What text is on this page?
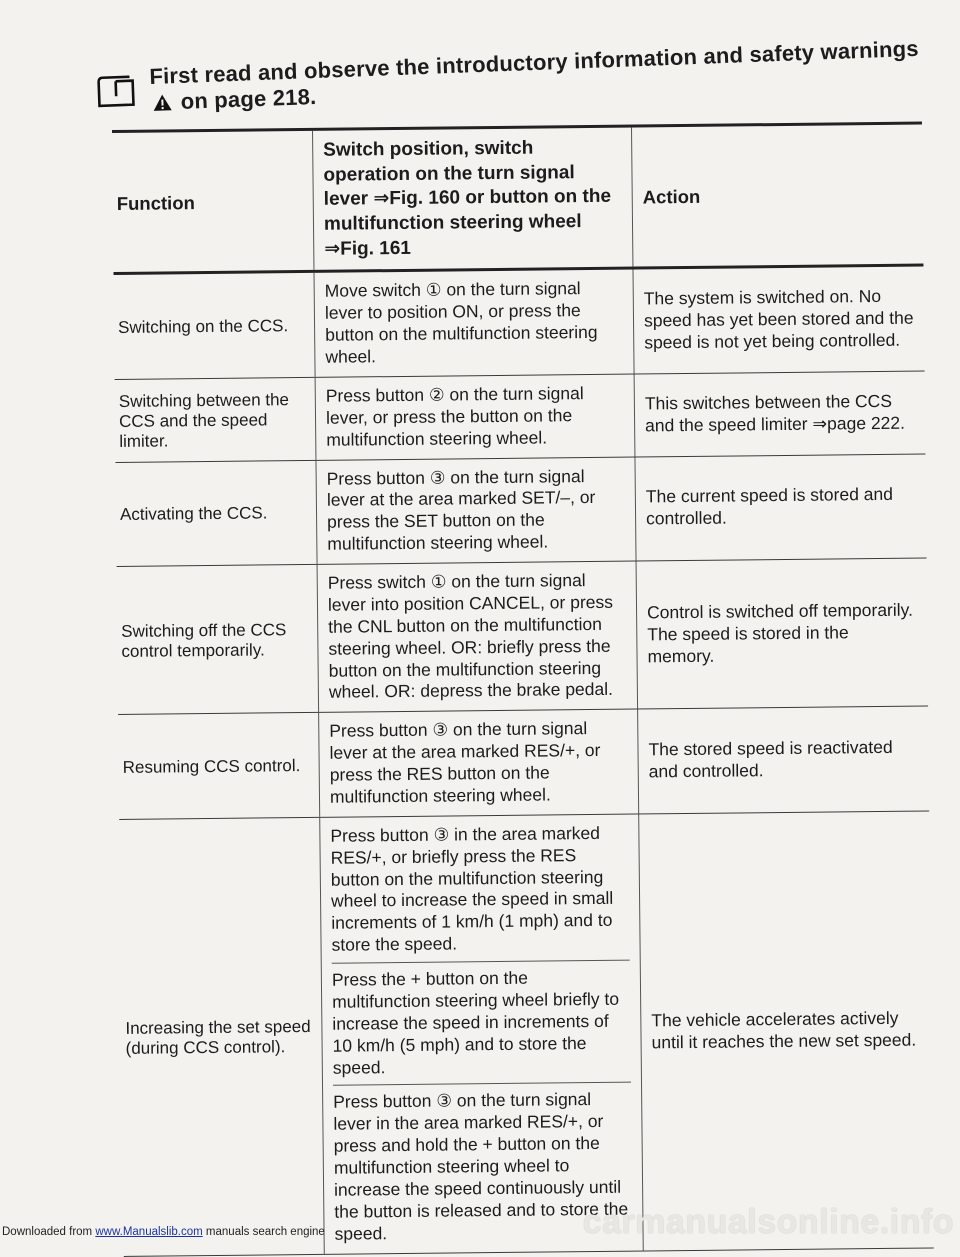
First read and observe the introductory information and safety warnings  on page 218.
Function
Switch position, switch operation on the turn signal lever ⇒Fig. 160 or button on the multifunction steering wheel ⇒Fig. 161
Action
Switching on the CCS.
Move switch ① on the turn signal lever to position ON, or press the button on the multifunction steering wheel.
The system is switched on. No speed has yet been stored and the speed is not yet being controlled.
Switching between the CCS and the speed limiter.
Press button ② on the turn signal lever, or press the button on the multifunction steering wheel.
This switches between the CCS and the speed limiter ⇒page 222.
Activating the CCS.
Press button ③ on the turn signal lever at the area marked SET/–, or press the SET button on the multifunction steering wheel.
The current speed is stored and controlled.
Switching off the CCS control temporarily.
Press switch ① on the turn signal lever into position CANCEL, or press the CNL button on the multifunction steering wheel. OR: briefly press the button on the multifunction steering wheel. OR: depress the brake pedal.
Control is switched off temporarily. The speed is stored in the memory.
Resuming CCS control.
Press button ③ on the turn signal lever at the area marked RES/+, or press the RES button on the multifunction steering wheel.
The stored speed is reactivated and controlled.
Increasing the set speed (during CCS control).
Press button ③ in the area marked RES/+, or briefly press the RES button on the multifunction steering wheel to increase the speed in small increments of 1 km/h (1 mph) and to store the speed.
Press the + button on the multifunction steering wheel briefly to increase the speed in increments of 10 km/h (5 mph) and to store the speed.
Press button ③ on the turn signal lever in the area marked RES/+, or press and hold the + button on the multifunction steering wheel to increase the speed continuously until the button is released and to store the speed.
The vehicle accelerates actively until it reaches the new set speed.
Downloaded from www.Manualslib.com manuals search engine	carmanualsonline.info
